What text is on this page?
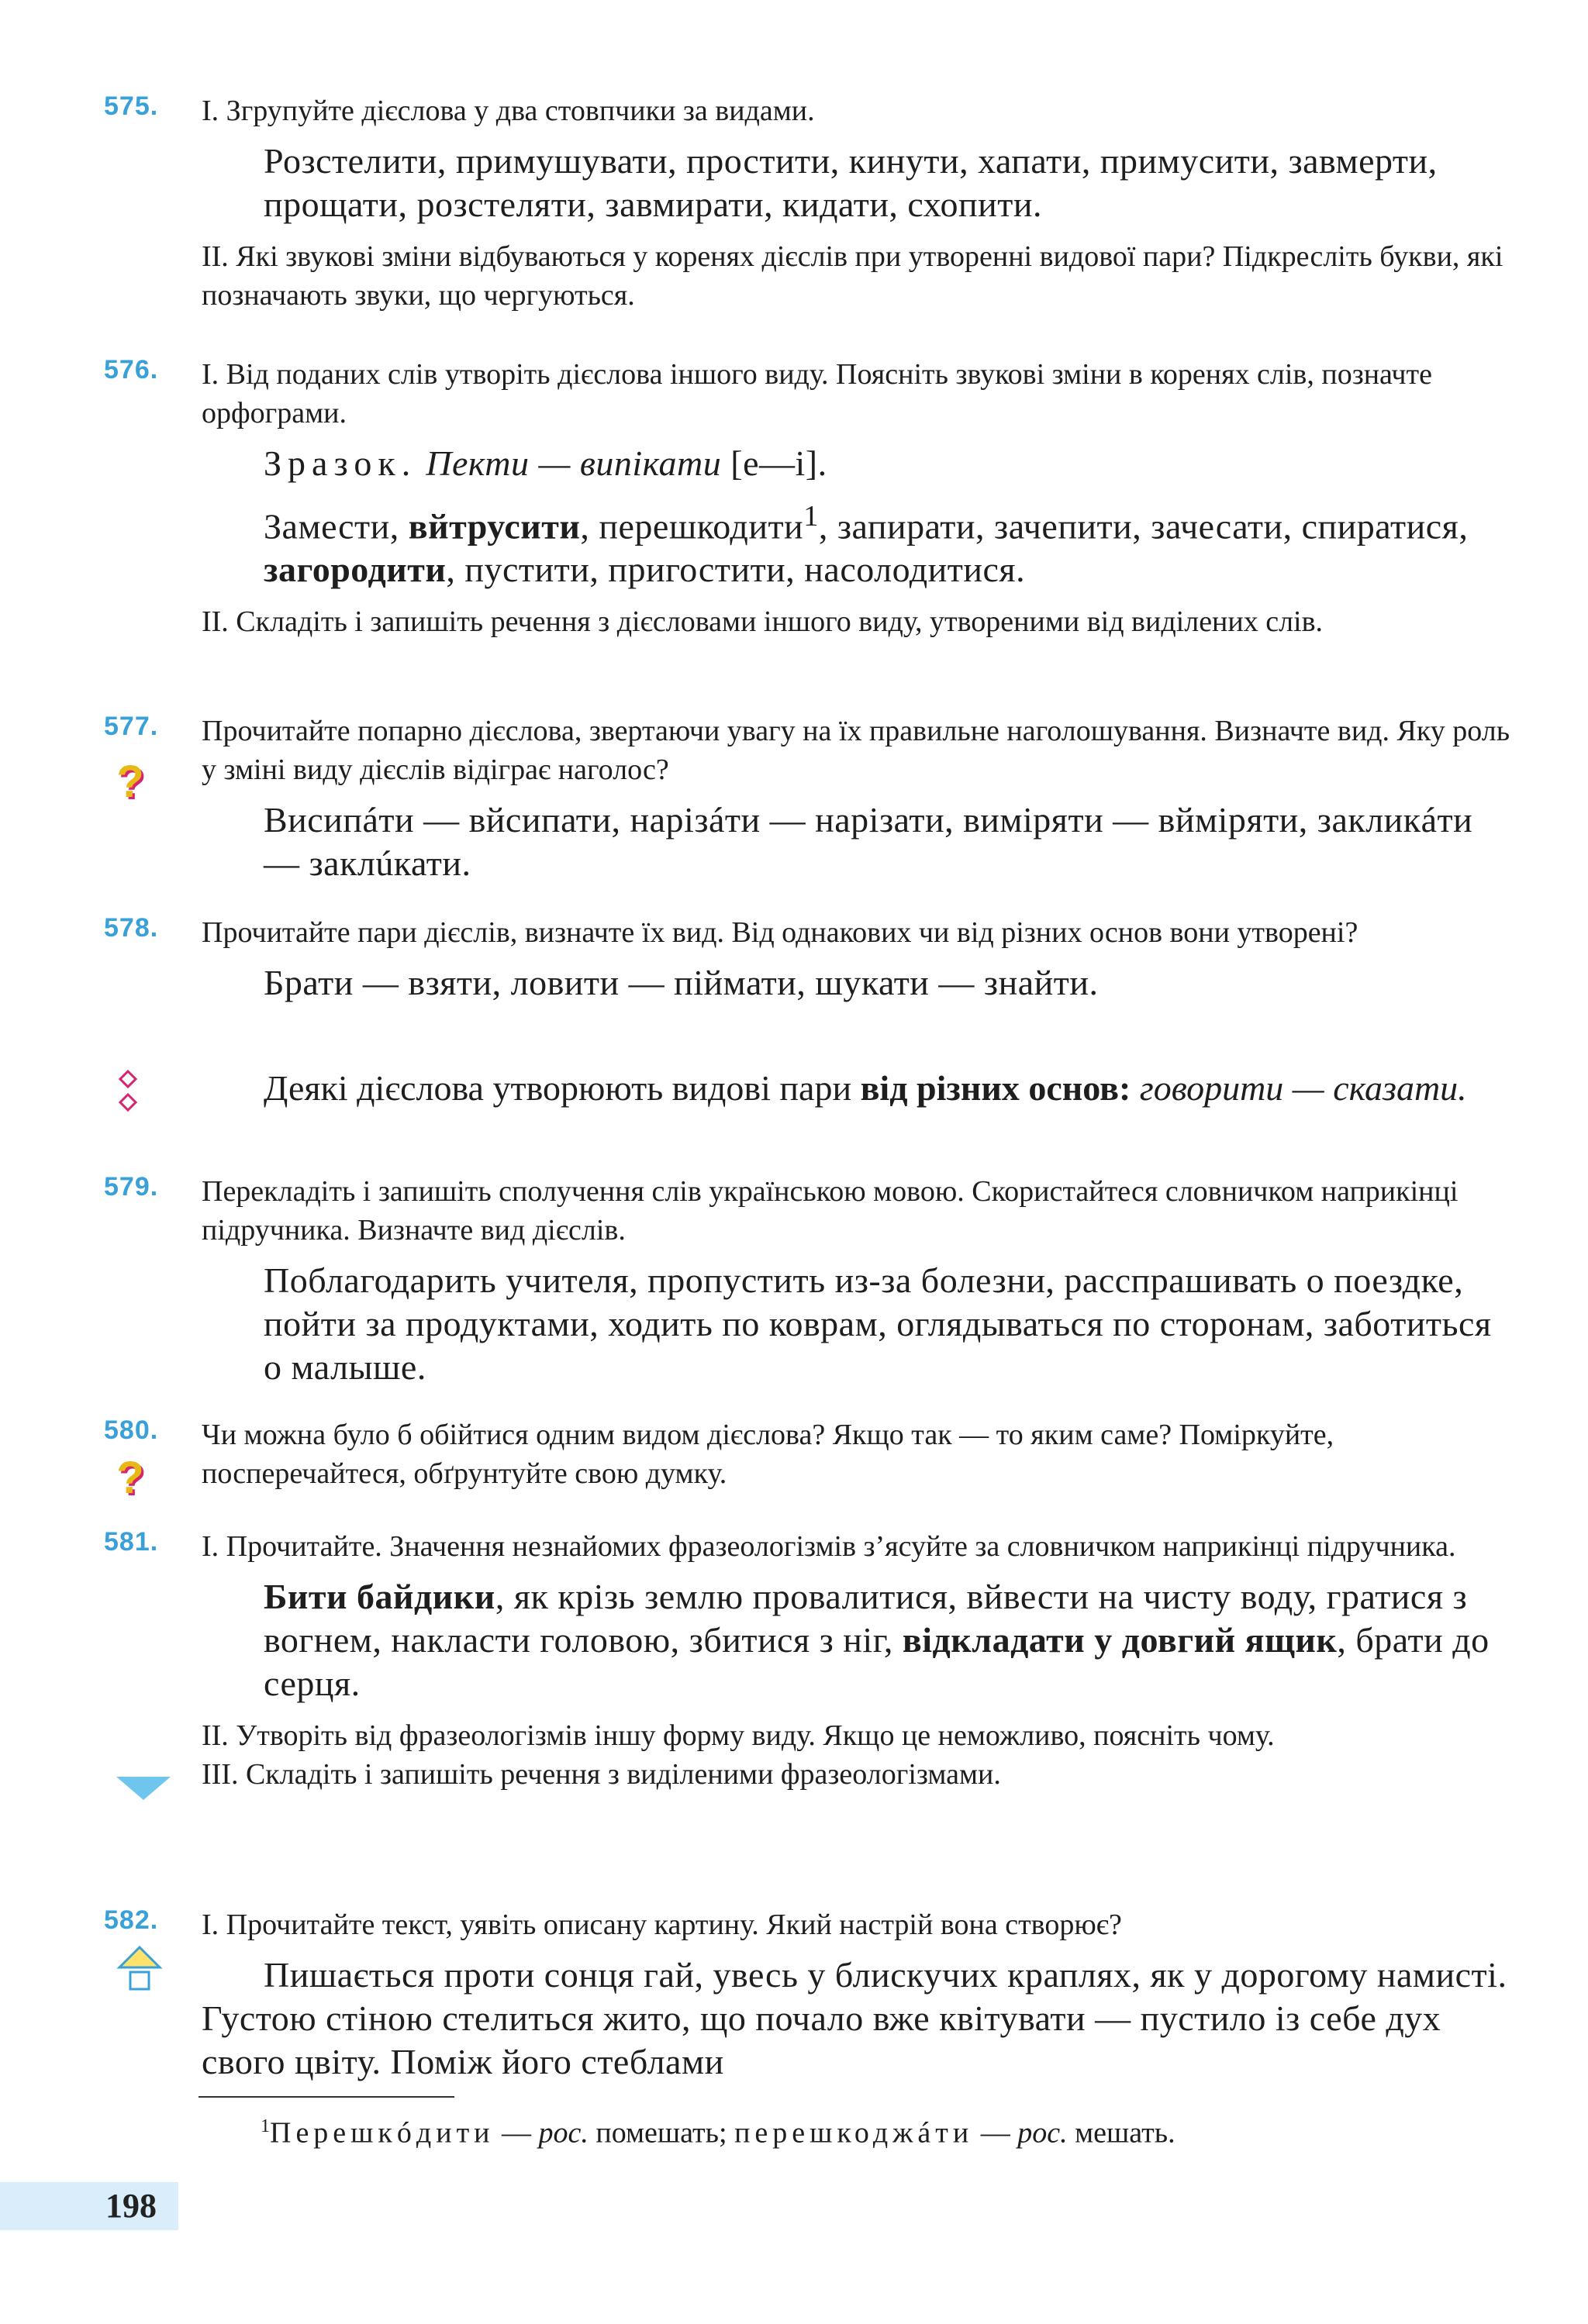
575.	І. Згрупуйте дієслова у два стовпчики за видами.
Розстелити, примушувати, простити, кинути, хапати, примусити, завмерти, прощати, розстеляти, завмирати, кидати, схопити.
ІІ. Які звукові зміни відбуваються у коренях дієслів при утворенні видової пари? Підкресліть букви, які позначають звуки, що чергуються.
576.	І. Від поданих слів утворіть дієслова іншого виду. Поясніть звукові зміни в коренях слів, позначте орфограми.
Зразок. Пекти — випікати [е—і].
Замести, вйтрусити, перешкодити$^1$, запирати, зачепити, зачесати, спиратися, загородити, пустити, пригостити, насолодитися.
ІІ. Складіть і запишіть речення з дієсловами іншого виду, утвореними від виділених слів.
577.	Прочитайте попарно дієслова, звертаючи увагу на їх правильне наголошування. Визначте вид. Яку роль у зміні виду дієслів відіграє наголос?
Висипáти — вйсипати, нарізáти — нарізати, виміряти — вйміряти, закликáти — заклúкати.
?
578.	Прочитайте пари дієслів, визначте їх вид. Від однакових чи від різних основ вони утворені?
Брати — взяти, ловити — піймати, шукати — знайти.
Деякі дієслова утворюють видові пари від різних основ: говорити — сказати.
579.	Перекладіть і запишіть сполучення слів українською мовою. Скористайтеся словничком наприкінці підручника. Визначте вид дієслів.
Поблагодарить учителя, пропустить из-за болезни, расспрашивать о поездке, пойти за продуктами, ходить по коврам, оглядываться по сторонам, заботиться о малыше.
580.	Чи можна було б обійтися одним видом дієслова? Якщо так — то яким саме? Поміркуйте, посперечайтеся, обґрунтуйте свою думку.
?
581.	І. Прочитайте. Значення незнайомих фразеологізмів з’ясуйте за словничком наприкінці підручника.
Бити байдики, як крізь землю провалитися, вйвести на чисту воду, гратися з вогнем, накласти головою, збитися з ніг, відкладати у довгий ящик, брати до серця.
ІІ. Утворіть від фразеологізмів іншу форму виду. Якщо це неможливо, поясніть чому.
ІІІ. Складіть і запишіть речення з виділеними фразеологізмами.
582.	І. Прочитайте текст, уявіть описану картину. Який настрій вона створює?
Пишається проти сонця гай, увесь у блискучих краплях, як у дорогому намисті. Густою стіною стелиться жито, що почало вже квітувати — пустило із себе дух свого цвіту. Поміж його стеблами
$^1$Перешкóдити — рос. помешать; перешкоджáти — рос. мешать.
198
